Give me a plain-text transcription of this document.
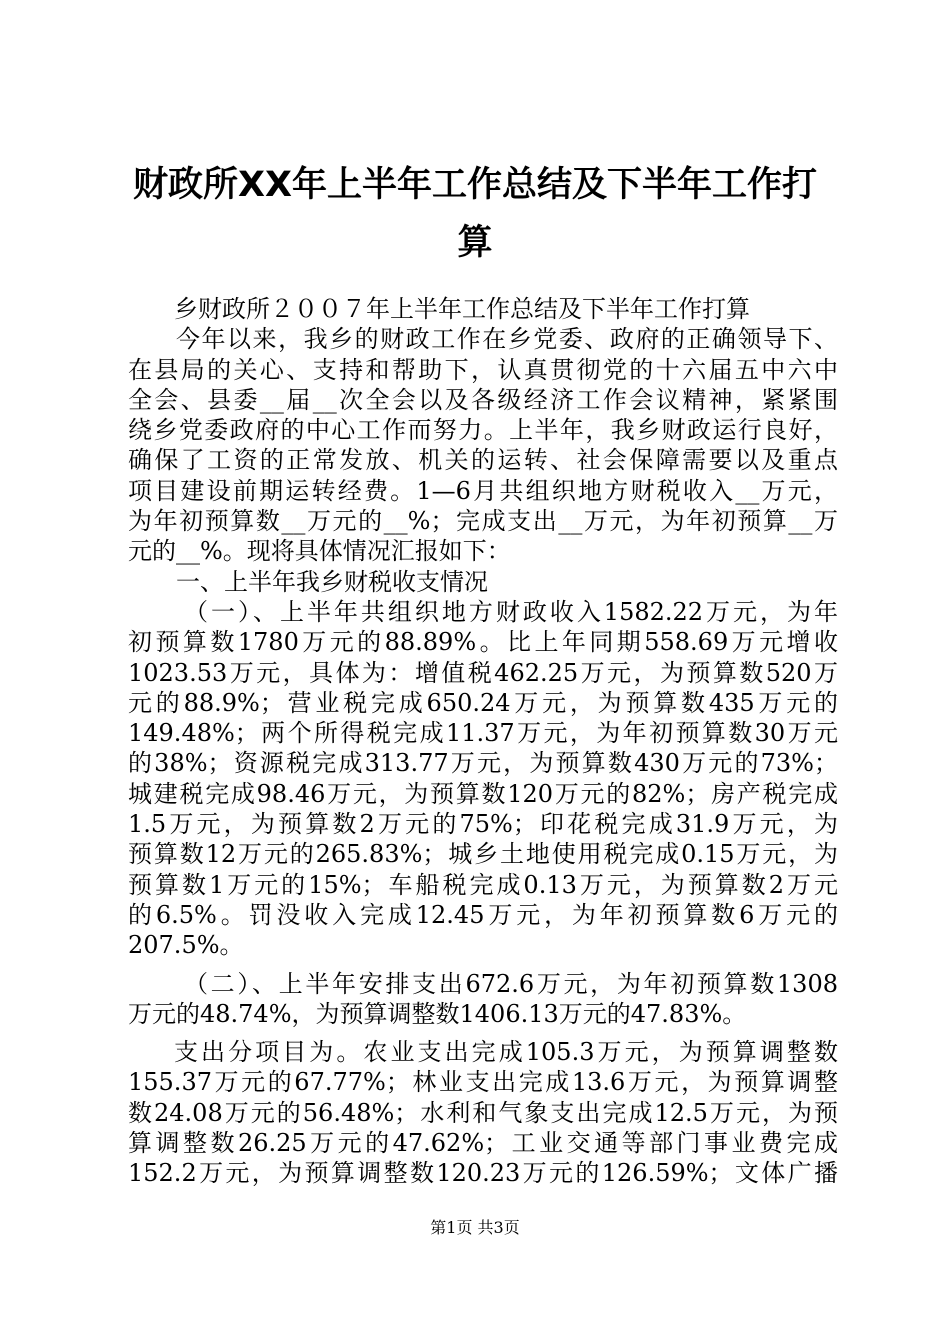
财政所XX年上半年工作总结及下半年工作打
算
乡财政所２００７年上半年工作总结及下半年工作打算
今年以来，我乡的财政工作在乡党委、政府的正确领导下、
在县局的关心、支持和帮助下，认真贯彻党的十六届五中六中
全会、县委__届__次全会以及各级经济工作会议精神，紧紧围
绕乡党委政府的中心工作而努力。上半年，我乡财政运行良好，
确保了工资的正常发放、机关的运转、社会保障需要以及重点
项目建设前期运转经费。1—6月共组织地方财税收入__万元，
为年初预算数__万元的__%；完成支出__万元，为年初预算__万
元的__%。现将具体情况汇报如下：
一、上半年我乡财税收支情况
（一）、上半年共组织地方财政收入1582.22万元，为年
初预算数1780万元的88.89%。比上年同期558.69万元增收
1023.53万元，具体为：增值税462.25万元，为预算数520万
元的88.9%；营业税完成650.24万元，为预算数435万元的
149.48%；两个所得税完成11.37万元，为年初预算数30万元
的38%；资源税完成313.77万元，为预算数430万元的73%；
城建税完成98.46万元，为预算数120万元的82%；房产税完成
1.5万元，为预算数2万元的75%；印花税完成31.9万元，为
预算数12万元的265.83%；城乡土地使用税完成0.15万元，为
预算数1万元的15%；车船税完成0.13万元，为预算数2万元
的6.5%。罚没收入完成12.45万元，为年初预算数6万元的
207.5%。
（二）、上半年安排支出672.6万元，为年初预算数1308
万元的48.74%，为预算调整数1406.13万元的47.83%。
支出分项目为。农业支出完成105.3万元，为预算调整数
155.37万元的67.77%；林业支出完成13.6万元，为预算调整
数24.08万元的56.48%；水利和气象支出完成12.5万元，为预
算调整数26.25万元的47.62%；工业交通等部门事业费完成
152.2万元，为预算调整数120.23万元的126.59%；文体广播
第1页 共3页
